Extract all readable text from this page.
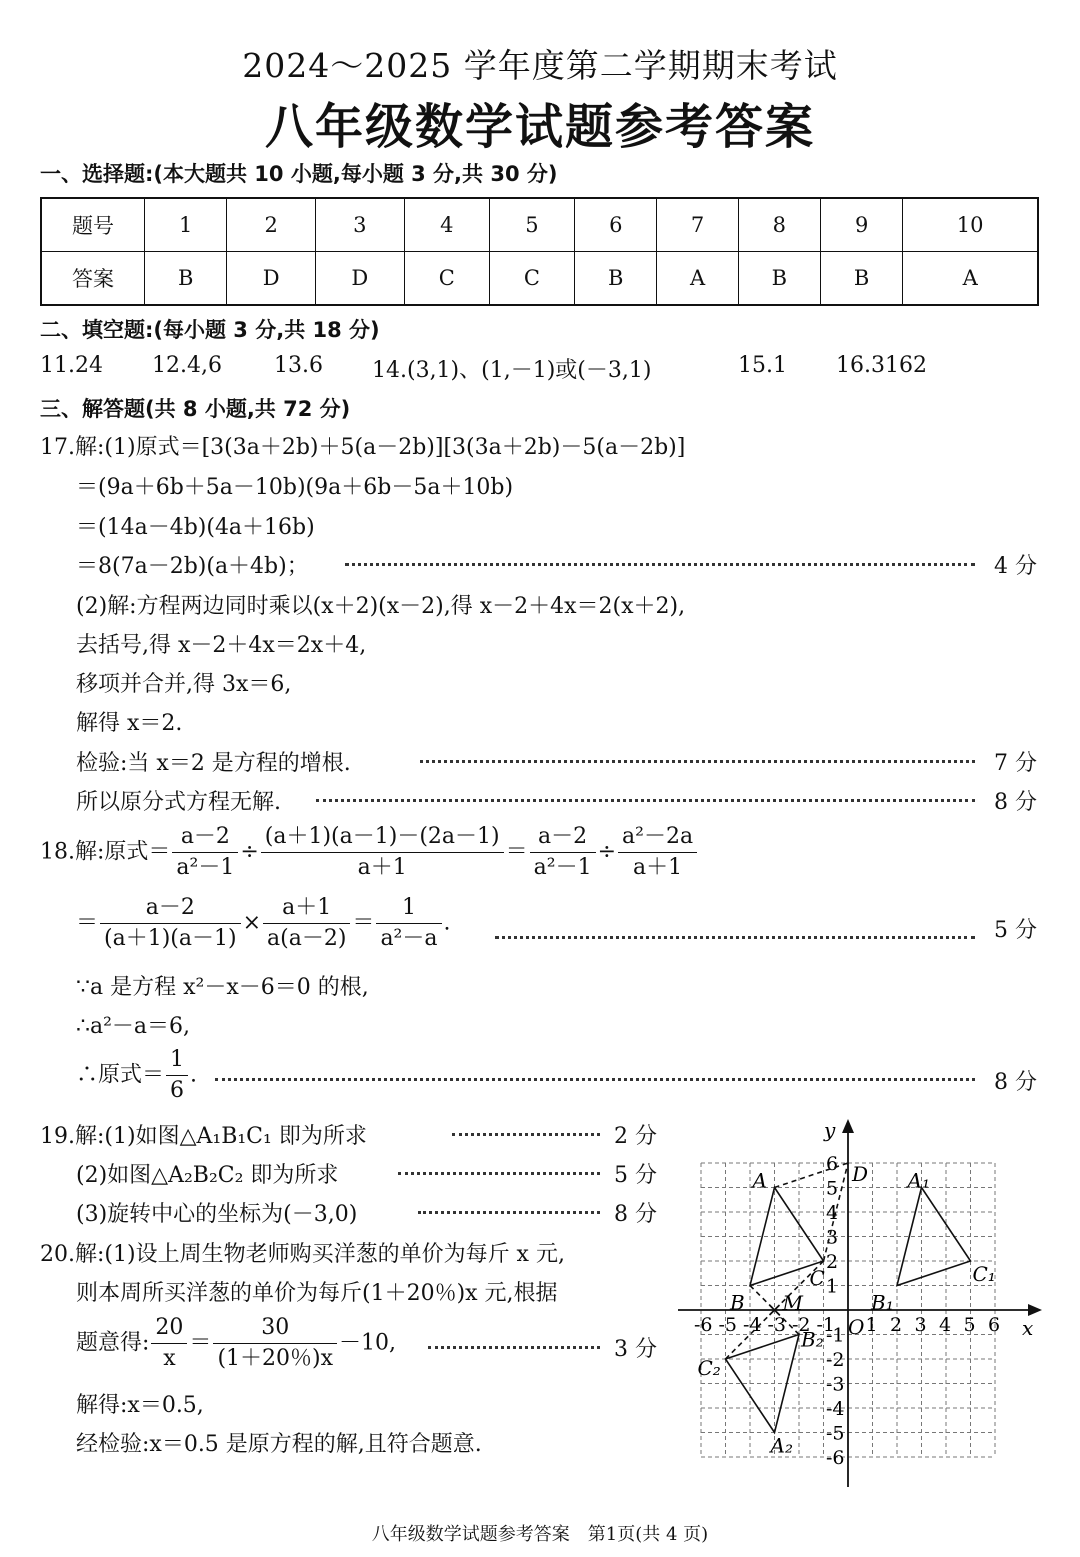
2024～2025 学年度第二学期期末考试
八年级数学试题参考答案
一、选择题:(本大题共 10 小题,每小题 3 分,共 30 分)
题号	1	2	3	4	5	6	7	8	9	10
答案	B	D	D	C	C	B	A	B	B	A
二、填空题:(每小题 3 分,共 18 分)
11.24 12.4,6 13.6 14.(3,1)、(1,－1)或(－3,1)	15.1 16.3162
三、解答题(共 8 小题,共 72 分)
17.解:(1)原式＝[3(3a＋2b)＋5(a－2b)][3(3a＋2b)－5(a－2b)]
＝(9a＋6b＋5a－10b)(9a＋6b－5a＋10b)
＝(14a－4b)(4a＋16b)
＝8(7a－2b)(a＋4b)；	4 分
(2)解:方程两边同时乘以(x＋2)(x－2),得 x－2＋4x＝2(x＋2),
去括号,得 x－2＋4x＝2x＋4,
移项并合并,得 3x＝6,
解得 x＝2.
检验:当 x＝2 是方程的增根.	7 分
所以原分式方程无解.	8 分
18.解:原式＝ $\frac{a-2}{\text{a²－1}} \div \frac{(a+1)(a-1)-(2a-1)}{a+1} = \frac{a-2}{\text{a²－1}} \div \frac{\text{a²－2a}}{a+1}$
＝ $\frac{a-2}{(a+1)(a-1)} \times \frac{a+1}{a(a-2)} = \frac{1}{\text{a²－a}}$ .	5 分
∵a 是方程 x²－x－6＝0 的根,
∴a²－a＝6,
∴原式＝ $\frac{1}{6}$ .	8 分
19.解:(1)如图△A₁B₁C₁ 即为所求	2 分
(2)如图△A₂B₂C₂ 即为所求	5 分
(3)旋转中心的坐标为(－3,0)	8 分
20.解:(1)设上周生物老师购买洋葱的单价为每斤 x 元,
则本周所买洋葱的单价为每斤(1＋20％)x 元,根据
题意得: $\frac{20}{x} = \frac{30}{(1+20\%)x} -10$,	3 分
解得:x＝0.5,
经检验:x＝0.5 是原方程的解,且符合题意.
x
y
O
-6 -5 -4 -3 -2 -1 1 2 3 4 5 6
6
5
4
3
2
1
-1
-2
-3
-4
-5
-6
A
B
C
D
M
A₁
B₁
C₁
A₂
B₂
C₂
八年级数学试题参考答案　第1页(共 4 页)
